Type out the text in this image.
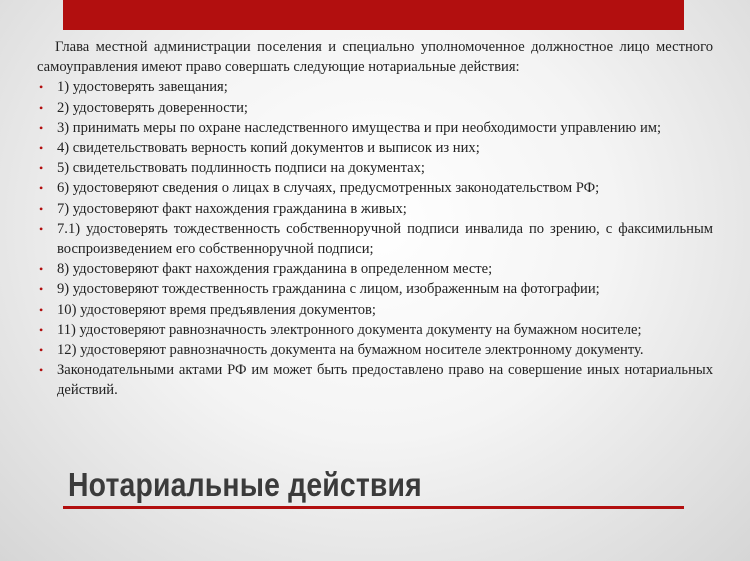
Глава местной администрации поселения и специально уполномоченное должностное лицо местного самоуправления имеют право совершать следующие нотариальные действия:

• 1) удостоверять завещания;
• 2) удостоверять доверенности;
• 3) принимать меры по охране наследственного имущества и при необходимости управлению им;
• 4) свидетельствовать верность копий документов и выписок из них;
• 5) свидетельствовать подлинность подписи на документах;
• 6) удостоверяют сведения о лицах в случаях, предусмотренных законодательством РФ;
• 7) удостоверяют факт нахождения гражданина в живых;
• 7.1) удостоверять тождественность собственноручной подписи инвалида по зрению, с факсимильным воспроизведением его собственноручной подписи;
• 8) удостоверяют факт нахождения гражданина в определенном месте;
• 9) удостоверяют тождественность гражданина с лицом, изображенным на фотографии;
• 10) удостоверяют время предъявления документов;
• 11) удостоверяют равнозначность электронного документа документу на бумажном носителе;
• 12) удостоверяют равнозначность документа на бумажном носителе электронному документу.
• Законодательными актами РФ им может быть предоставлено право на совершение иных нотариальных действий.
Нотариальные действия
